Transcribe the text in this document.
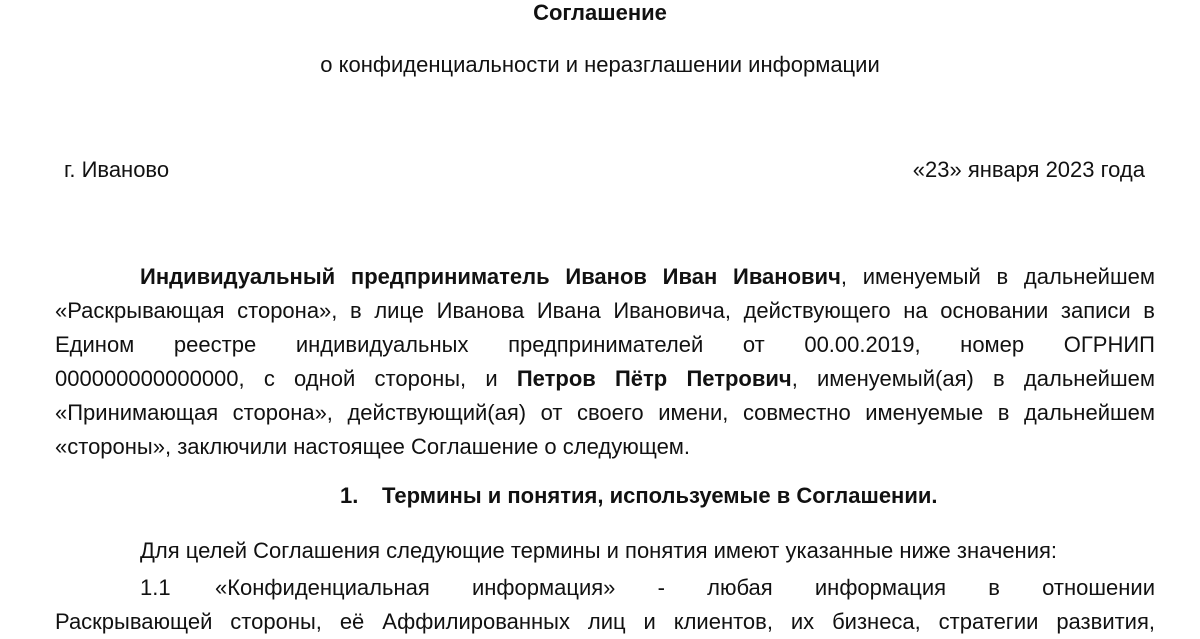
Соглашение
о конфиденциальности и неразглашении информации
г. Иваново	«23» января 2023 года
Индивидуальный предприниматель Иванов Иван Иванович, именуемый в дальнейшем
«Раскрывающая сторона», в лице Иванова Ивана Ивановича, действующего на основании записи в
Едином реестре индивидуальных предпринимателей от 00.00.2019, номер ОГРНИП
000000000000000, с одной стороны, и Петров Пётр Петрович, именуемый(ая) в дальнейшем
«Принимающая сторона», действующий(ая) от своего имени, совместно именуемые в дальнейшем
«стороны», заключили настоящее Соглашение о следующем.
1. Термины и понятия, используемые в Соглашении.
Для целей Соглашения следующие термины и понятия имеют указанные ниже значения:
1.1 «Конфиденциальная информация» - любая информация в отношении
Раскрывающей стороны, её Аффилированных лиц и клиентов, их бизнеса, стратегии развития,
